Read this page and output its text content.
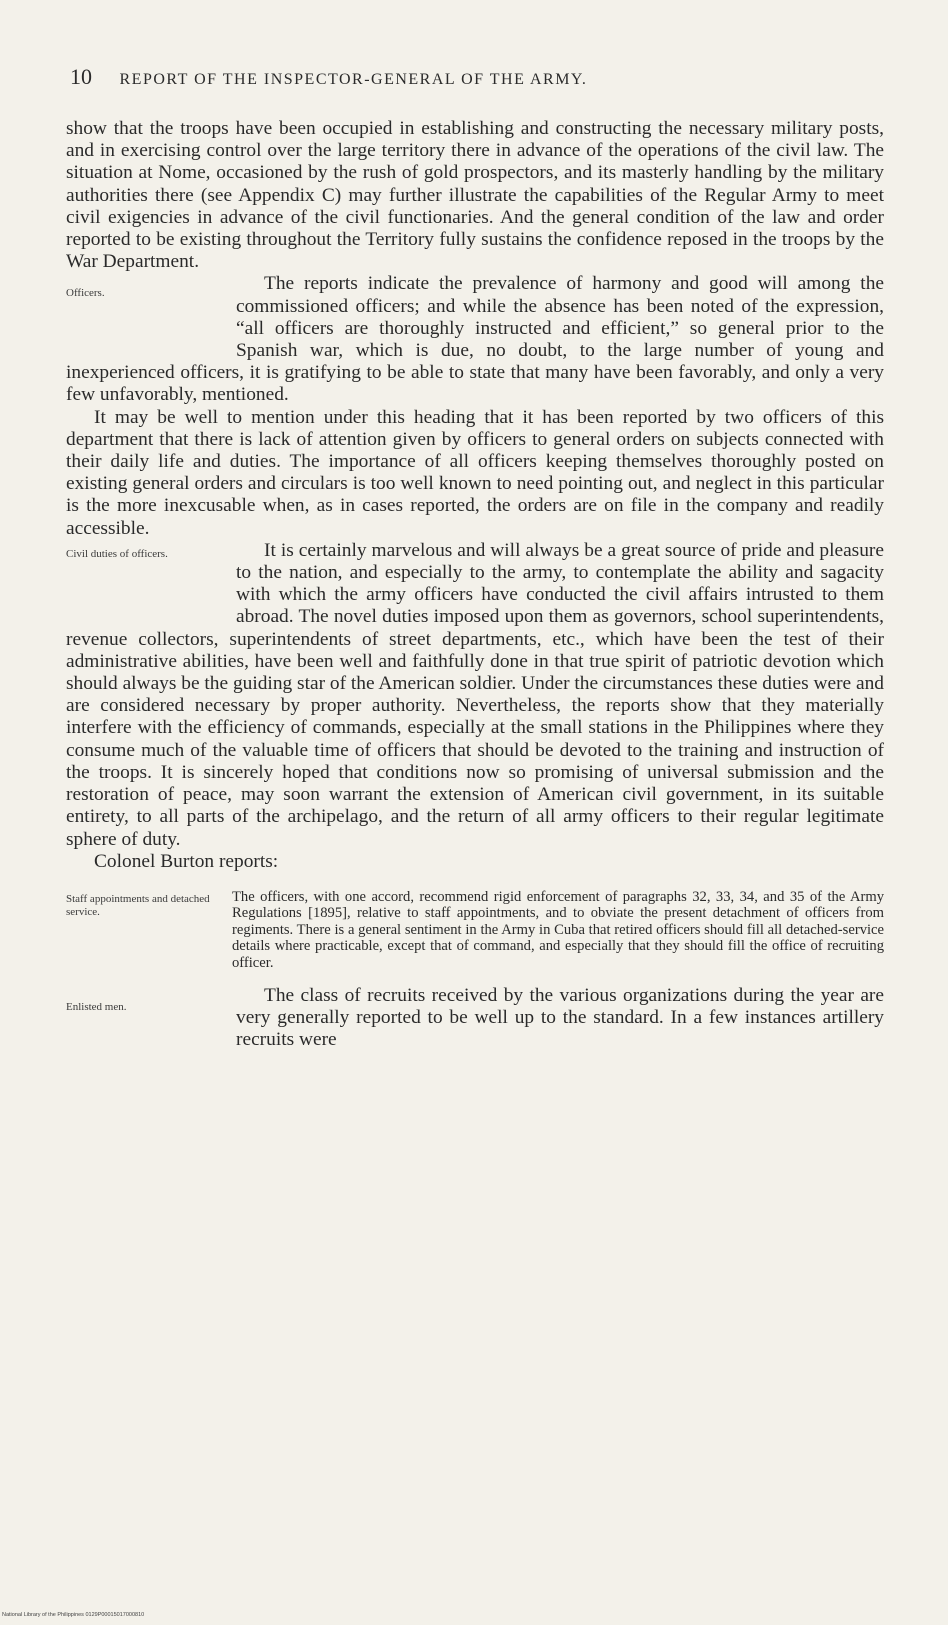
10 REPORT OF THE INSPECTOR-GENERAL OF THE ARMY.

show that the troops have been occupied in establishing and constructing the necessary military posts, and in exercising control over the large territory there in advance of the operations of the civil law. The situation at Nome, occasioned by the rush of gold prospectors, and its masterly handling by the military authorities there (see Appendix C) may further illustrate the capabilities of the Regular Army to meet civil exigencies in advance of the civil functionaries. And the general condition of the law and order reported to be existing throughout the Territory fully sustains the confidence reposed in the troops by the War Department.

Officers.	The reports indicate the prevalence of harmony and good will among the commissioned officers; and while the absence has been noted of the expression, “all officers are thoroughly instructed and efficient,” so general prior to the Spanish war, which is due, no doubt, to the large number of young and inexperienced officers, it is gratifying to be able to state that many have been favorably, and only a very few unfavorably, mentioned.

It may be well to mention under this heading that it has been reported by two officers of this department that there is lack of attention given by officers to general orders on subjects connected with their daily life and duties. The importance of all officers keeping themselves thoroughly posted on existing general orders and circulars is too well known to need pointing out, and neglect in this particular is the more inexcusable when, as in cases reported, the orders are on file in the company and readily accessible.

Civil duties of officers.	It is certainly marvelous and will always be a great source of pride and pleasure to the nation, and especially to the army, to contemplate the ability and sagacity with which the army officers have conducted the civil affairs intrusted to them abroad. The novel duties imposed upon them as governors, school superintendents, revenue collectors, superintendents of street departments, etc., which have been the test of their administrative abilities, have been well and faithfully done in that true spirit of patriotic devotion which should always be the guiding star of the American soldier. Under the circumstances these duties were and are considered necessary by proper authority. Nevertheless, the reports show that they materially interfere with the efficiency of commands, especially at the small stations in the Philippines where they consume much of the valuable time of officers that should be devoted to the training and instruction of the troops. It is sincerely hoped that conditions now so promising of universal submission and the restoration of peace, may soon warrant the extension of American civil government, in its suitable entirety, to all parts of the archipelago, and the return of all army officers to their regular legitimate sphere of duty.

Colonel Burton reports:

Staff appointments and detached service.

The officers, with one accord, recommend rigid enforcement of paragraphs 32, 33, 34, and 35 of the Army Regulations [1895], relative to staff appointments, and to obviate the present detachment of officers from regiments. There is a general sentiment in the Army in Cuba that retired officers should fill all detached-service details where practicable, except that of command, and especially that they should fill the office of recruiting officer.

Enlisted men.

The class of recruits received by the various organizations during the year are very generally reported to be well up to the standard. In a few instances artillery recruits were

National Library of the Philippines 0129P00015017000810
